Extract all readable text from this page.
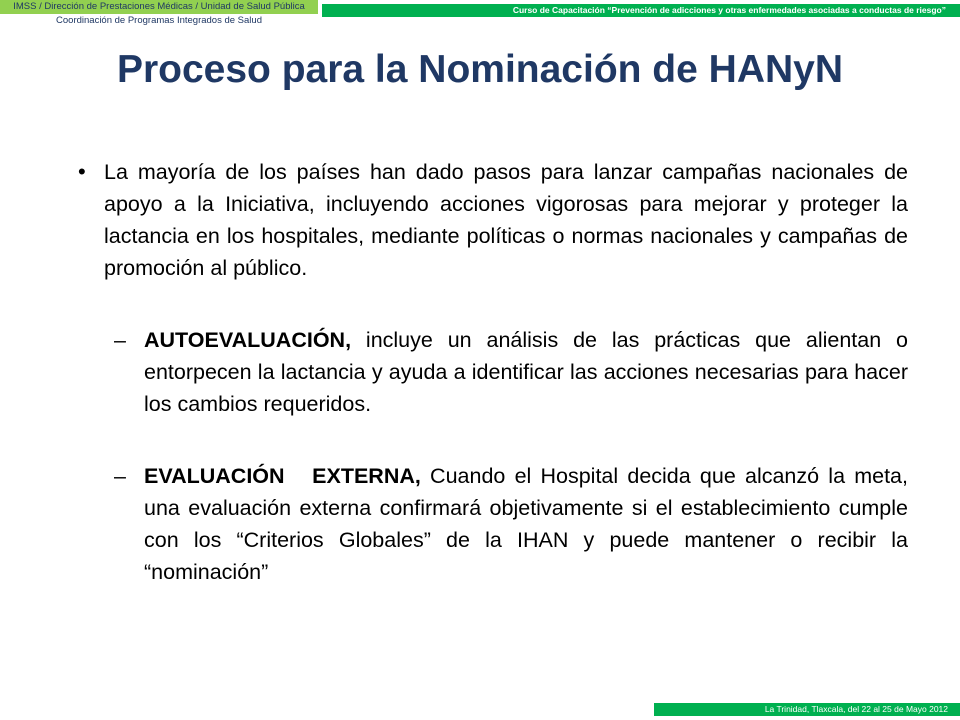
IMSS / Dirección de Prestaciones Médicas / Unidad de Salud Pública
Coordinación de Programas Integrados de Salud
Curso de Capacitación “Prevención de adicciones y otras enfermedades asociadas a conductas de riesgo”
Proceso para la Nominación de HANyN
• La mayoría de los países han dado pasos para lanzar campañas nacionales de apoyo a la Iniciativa, incluyendo acciones vigorosas para mejorar y proteger la lactancia en los hospitales, mediante políticas o normas nacionales y campañas de promoción al público.
– AUTOEVALUACIÓN, incluye un análisis de las prácticas que alientan o entorpecen la lactancia y ayuda a identificar las acciones necesarias para hacer los cambios requeridos.
– EVALUACIÓN   EXTERNA, Cuando el Hospital decida que alcanzó la meta, una evaluación externa confirmará objetivamente si el establecimiento cumple con los “Criterios Globales” de la IHAN y puede mantener o recibir la “nominación”
La Trinidad, Tlaxcala, del 22 al 25 de Mayo 2012
